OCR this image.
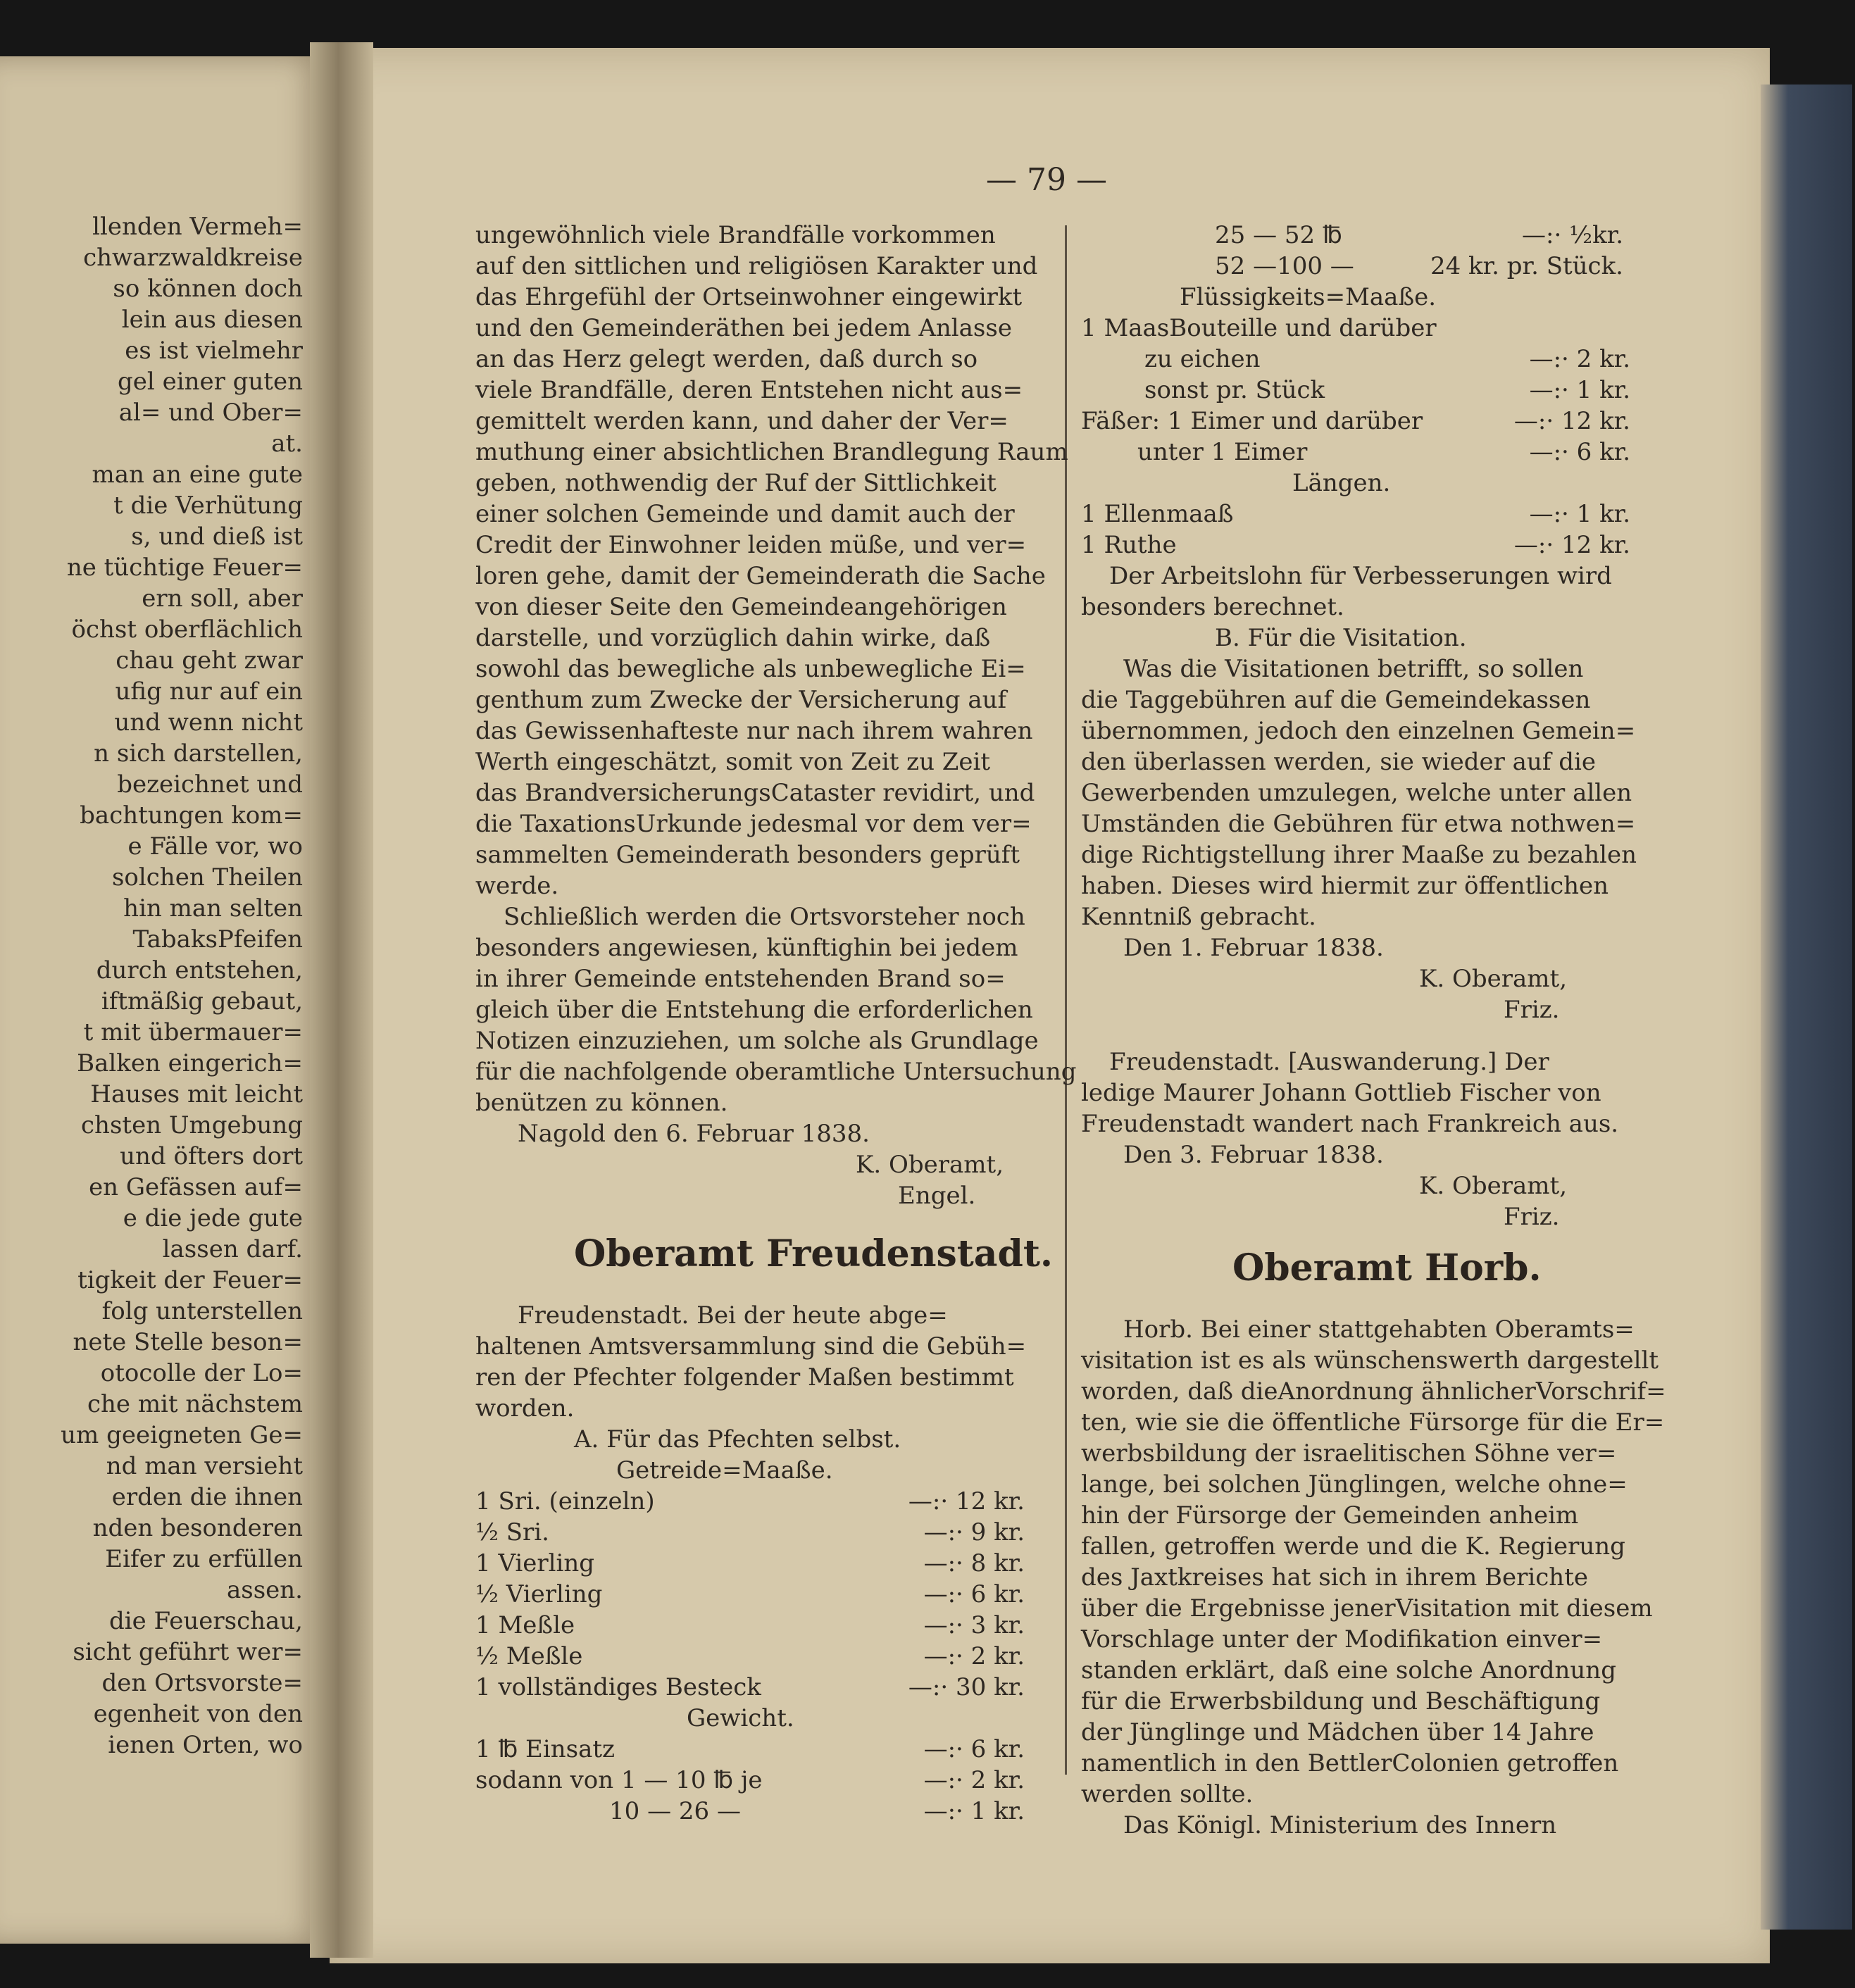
— 79 —
llenden Vermeh=
chwarzwaldkreise
so können doch
lein aus diesen
es ist vielmehr
gel einer guten
al= und Ober=
at.
man an eine gute
t die Verhütung
s, und dieß ist
ne tüchtige Feuer=
ern soll, aber
öchst oberflächlich
chau geht zwar
ufig nur auf ein
und wenn nicht
n sich darstellen,
bezeichnet und
bachtungen kom=
e Fälle vor, wo
solchen Theilen
hin man selten
TabaksPfeifen
durch entstehen,
iftmäßig gebaut,
t mit übermauer=
Balken eingerich=
Hauses mit leicht
chsten Umgebung
und öfters dort
en Gefässen auf=
e die jede gute
lassen darf.
tigkeit der Feuer=
folg unterstellen
nete Stelle beson=
otocolle der Lo=
che mit nächstem
um geeigneten Ge=
nd man versieht
erden die ihnen
nden besonderen
Eifer zu erfüllen
assen.
die Feuerschau,
sicht geführt wer=
den Ortsvorste=
egenheit von den
ienen Orten, wo
ungewöhnlich viele Brandfälle vorkommen
auf den sittlichen und religiösen Karakter und
das Ehrgefühl der Ortseinwohner eingewirkt
und den Gemeinderäthen bei jedem Anlasse
an das Herz gelegt werden, daß durch so
viele Brandfälle, deren Entstehen nicht aus=
gemittelt werden kann, und daher der Ver=
muthung einer absichtlichen Brandlegung Raum
geben, nothwendig der Ruf der Sittlichkeit
einer solchen Gemeinde und damit auch der
Credit der Einwohner leiden müße, und ver=
loren gehe, damit der Gemeinderath die Sache
von dieser Seite den Gemeindeangehörigen
darstelle, und vorzüglich dahin wirke, daß
sowohl das bewegliche als unbewegliche Ei=
genthum zum Zwecke der Versicherung auf
das Gewissenhafteste nur nach ihrem wahren
Werth eingeschätzt, somit von Zeit zu Zeit
das BrandversicherungsCataster revidirt, und
die TaxationsUrkunde jedesmal vor dem ver=
sammelten Gemeinderath besonders geprüft
werde.
Schließlich werden die Ortsvorsteher noch
besonders angewiesen, künftighin bei jedem
in ihrer Gemeinde entstehenden Brand so=
gleich über die Entstehung die erforderlichen
Notizen einzuziehen, um solche als Grundlage
für die nachfolgende oberamtliche Untersuchung
benützen zu können.
Nagold den 6. Februar 1838.
K. Oberamt,
Engel.
Oberamt Freudenstadt.
Freudenstadt. Bei der heute abge=
haltenen Amtsversammlung sind die Gebüh=
ren der Pfechter folgender Maßen bestimmt
worden.
A. Für das Pfechten selbst.
Getreide=Maaße.
1 Sri. (einzeln)	—:· 12 kr.
½ Sri.	—:· 9 kr.
1 Vierling	—:· 8 kr.
½ Vierling	—:· 6 kr.
1 Meßle	—:· 3 kr.
½ Meßle	—:· 2 kr.
1 vollständiges Besteck	—:· 30 kr.
Gewicht.
1 ℔ Einsatz	—:· 6 kr.
sodann von 1 — 10 ℔ je	—:· 2 kr.
10 — 26 —	—:· 1 kr.
25 — 52 ℔	—:· ½kr.
52 —100 —	24 kr. pr. Stück.
Flüssigkeits=Maaße.
1 MaasBouteille und darüber
zu eichen	—:· 2 kr.
sonst pr. Stück	—:· 1 kr.
Fäßer: 1 Eimer und darüber	—:· 12 kr.
unter 1 Eimer	—:· 6 kr.
Längen.
1 Ellenmaaß	—:· 1 kr.
1 Ruthe	—:· 12 kr.
Der Arbeitslohn für Verbesserungen wird
besonders berechnet.
B. Für die Visitation.
Was die Visitationen betrifft, so sollen
die Taggebühren auf die Gemeindekassen
übernommen, jedoch den einzelnen Gemein=
den überlassen werden, sie wieder auf die
Gewerbenden umzulegen, welche unter allen
Umständen die Gebühren für etwa nothwen=
dige Richtigstellung ihrer Maaße zu bezahlen
haben. Dieses wird hiermit zur öffentlichen
Kenntniß gebracht.
Den 1. Februar 1838.
K. Oberamt,
Friz.
Freudenstadt. [Auswanderung.] Der
ledige Maurer Johann Gottlieb Fischer von
Freudenstadt wandert nach Frankreich aus.
Den 3. Februar 1838.
K. Oberamt,
Friz.
Oberamt Horb.
Horb. Bei einer stattgehabten Oberamts=
visitation ist es als wünschenswerth dargestellt
worden, daß dieAnordnung ähnlicherVorschrif=
ten, wie sie die öffentliche Fürsorge für die Er=
werbsbildung der israelitischen Söhne ver=
lange, bei solchen Jünglingen, welche ohne=
hin der Fürsorge der Gemeinden anheim
fallen, getroffen werde und die K. Regierung
des Jaxtkreises hat sich in ihrem Berichte
über die Ergebnisse jenerVisitation mit diesem
Vorschlage unter der Modifikation einver=
standen erklärt, daß eine solche Anordnung
für die Erwerbsbildung und Beschäftigung
der Jünglinge und Mädchen über 14 Jahre
namentlich in den BettlerColonien getroffen
werden sollte.
Das Königl. Ministerium des Innern
